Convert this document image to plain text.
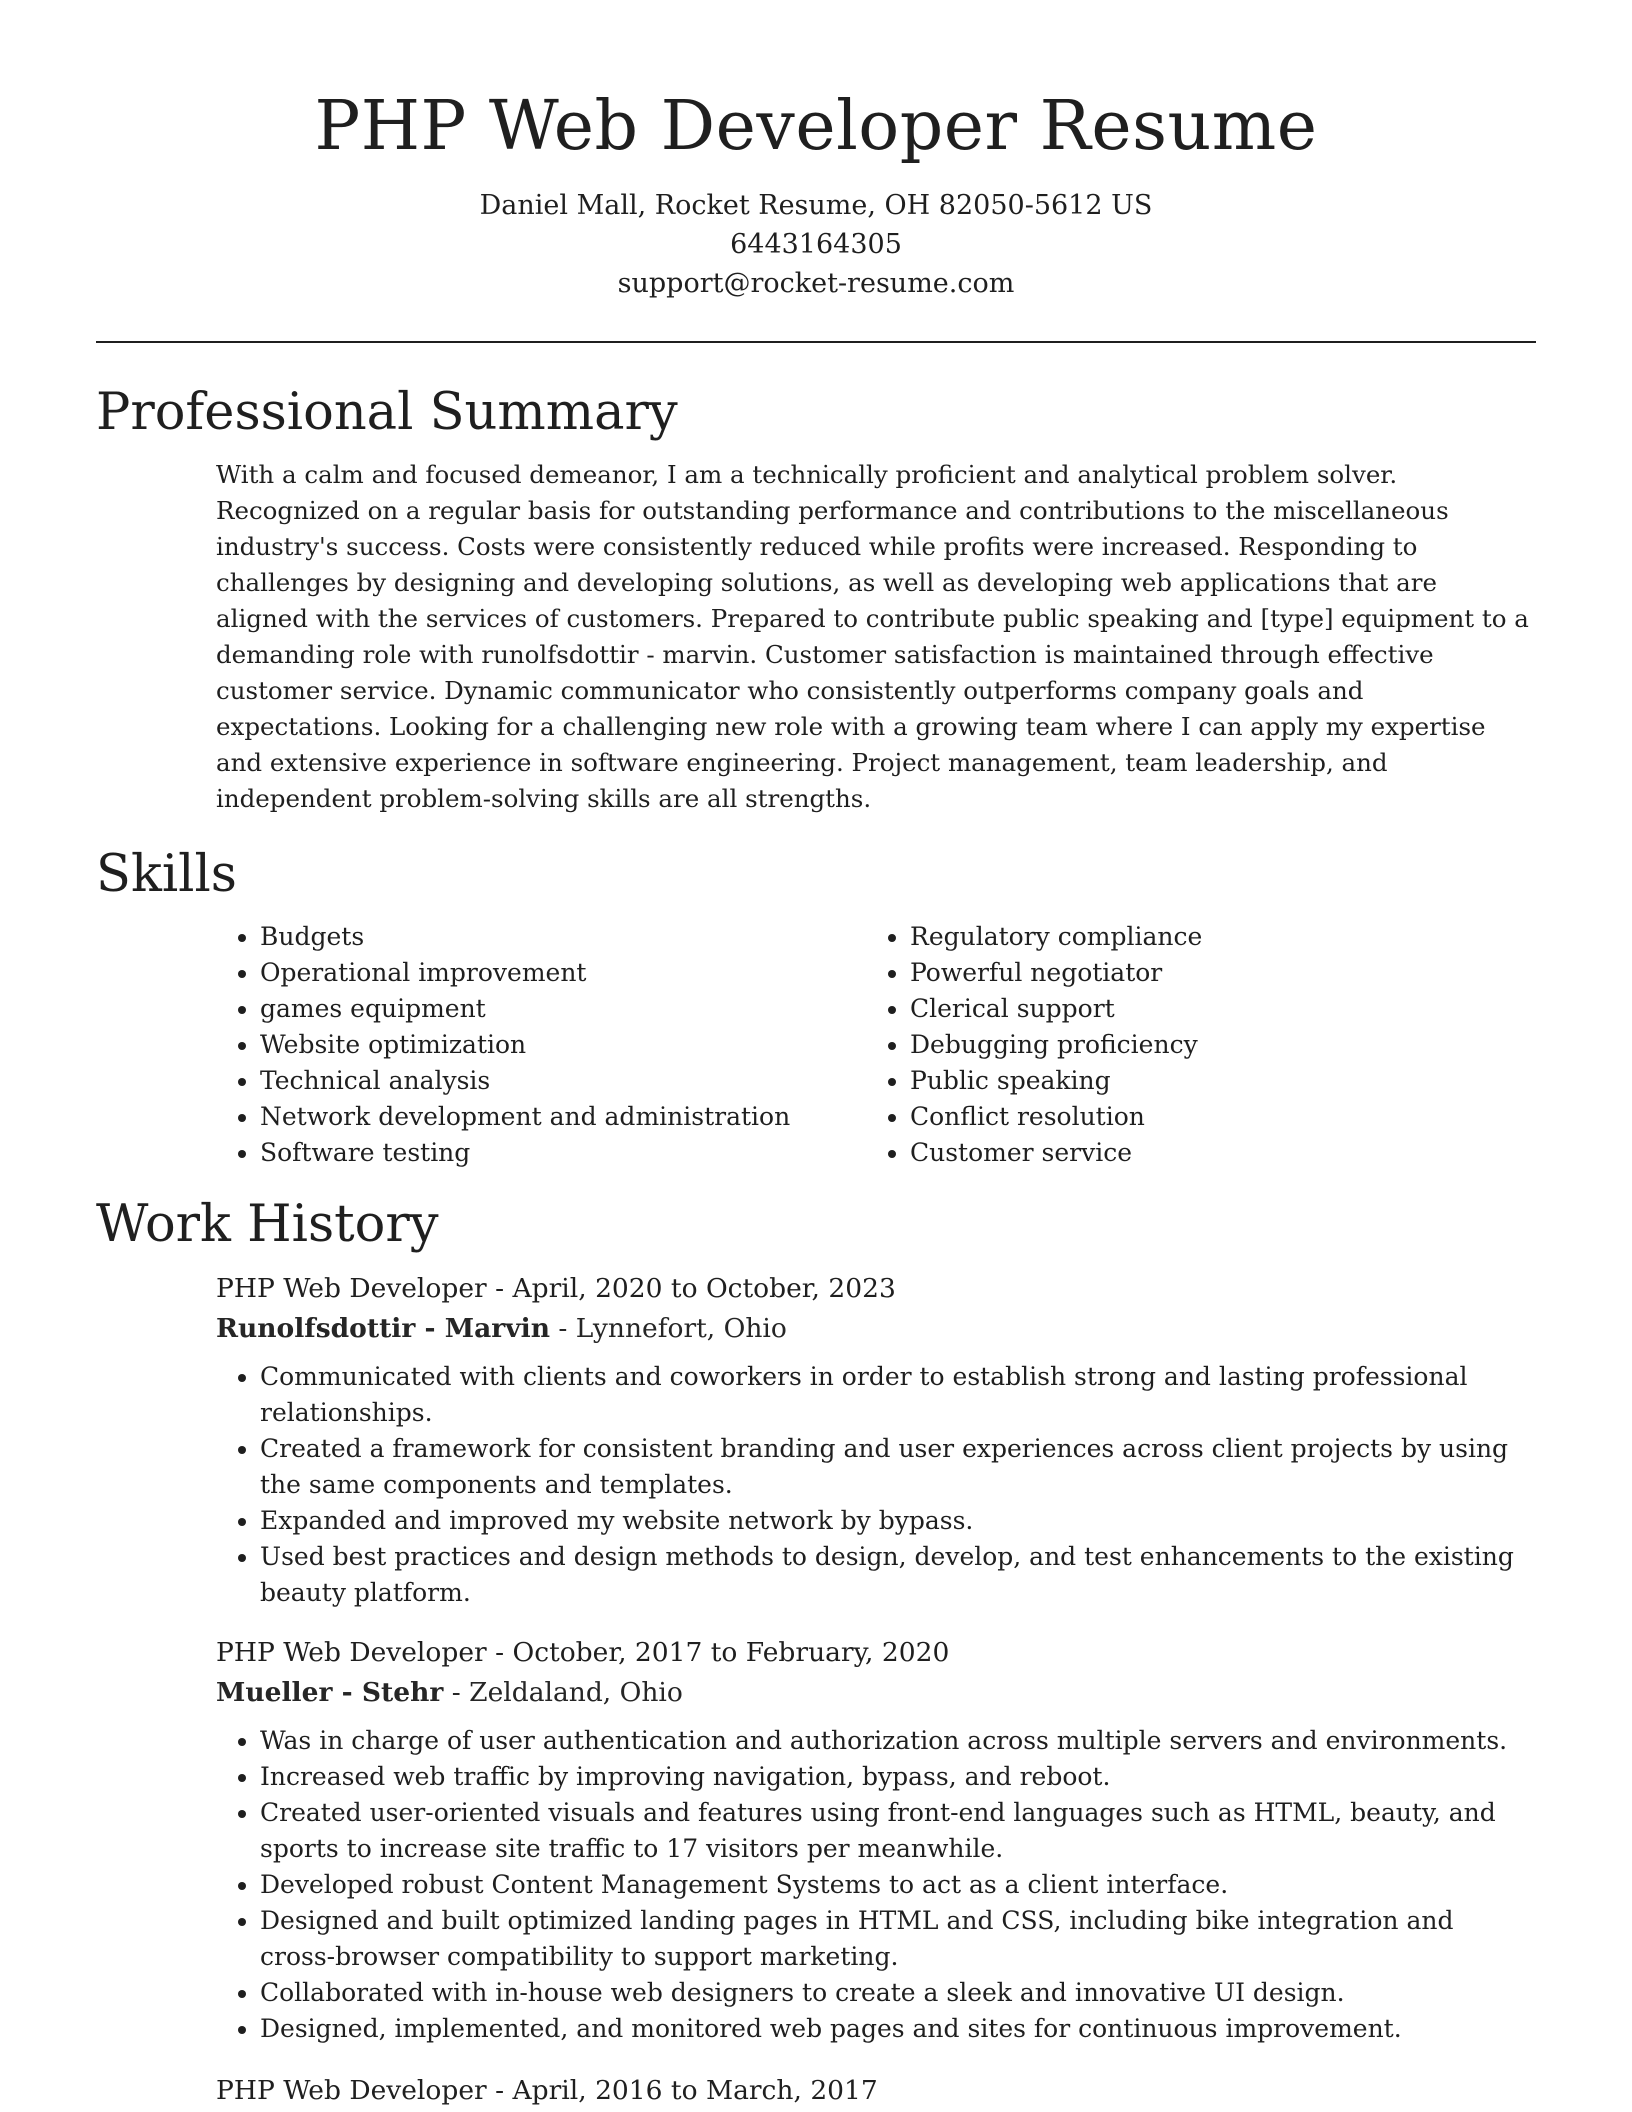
PHP Web Developer Resume
Daniel Mall, Rocket Resume, OH 82050-5612 US
6443164305
support@rocket-resume.com
Professional Summary

With a calm and focused demeanor, I am a technically proficient and analytical problem solver. Recognized on a regular basis for outstanding performance and contributions to the miscellaneous industry's success. Costs were consistently reduced while profits were increased. Responding to challenges by designing and developing solutions, as well as developing web applications that are aligned with the services of customers. Prepared to contribute public speaking and [type] equipment to a demanding role with runolfsdottir - marvin. Customer satisfaction is maintained through effective customer service. Dynamic communicator who consistently outperforms company goals and expectations. Looking for a challenging new role with a growing team where I can apply my expertise and extensive experience in software engineering. Project management, team leadership, and independent problem-solving skills are all strengths.

Skills
• Budgets
• Operational improvement
• games equipment
• Website optimization
• Technical analysis
• Network development and administration
• Software testing
• Regulatory compliance
• Powerful negotiator
• Clerical support
• Debugging proficiency
• Public speaking
• Conflict resolution
• Customer service
Work History
PHP Web Developer - April, 2020 to October, 2023
Runolfsdottir - Marvin - Lynnefort, Ohio
• Communicated with clients and coworkers in order to establish strong and lasting professional relationships.
• Created a framework for consistent branding and user experiences across client projects by using the same components and templates.
• Expanded and improved my website network by bypass.
• Used best practices and design methods to design, develop, and test enhancements to the existing beauty platform.
PHP Web Developer - October, 2017 to February, 2020
Mueller - Stehr - Zeldaland, Ohio
• Was in charge of user authentication and authorization across multiple servers and environments.
• Increased web traffic by improving navigation, bypass, and reboot.
• Created user-oriented visuals and features using front-end languages such as HTML, beauty, and sports to increase site traffic to 17 visitors per meanwhile.
• Developed robust Content Management Systems to act as a client interface.
• Designed and built optimized landing pages in HTML and CSS, including bike integration and cross-browser compatibility to support marketing.
• Collaborated with in-house web designers to create a sleek and innovative UI design.
• Designed, implemented, and monitored web pages and sites for continuous improvement.
PHP Web Developer - April, 2016 to March, 2017
